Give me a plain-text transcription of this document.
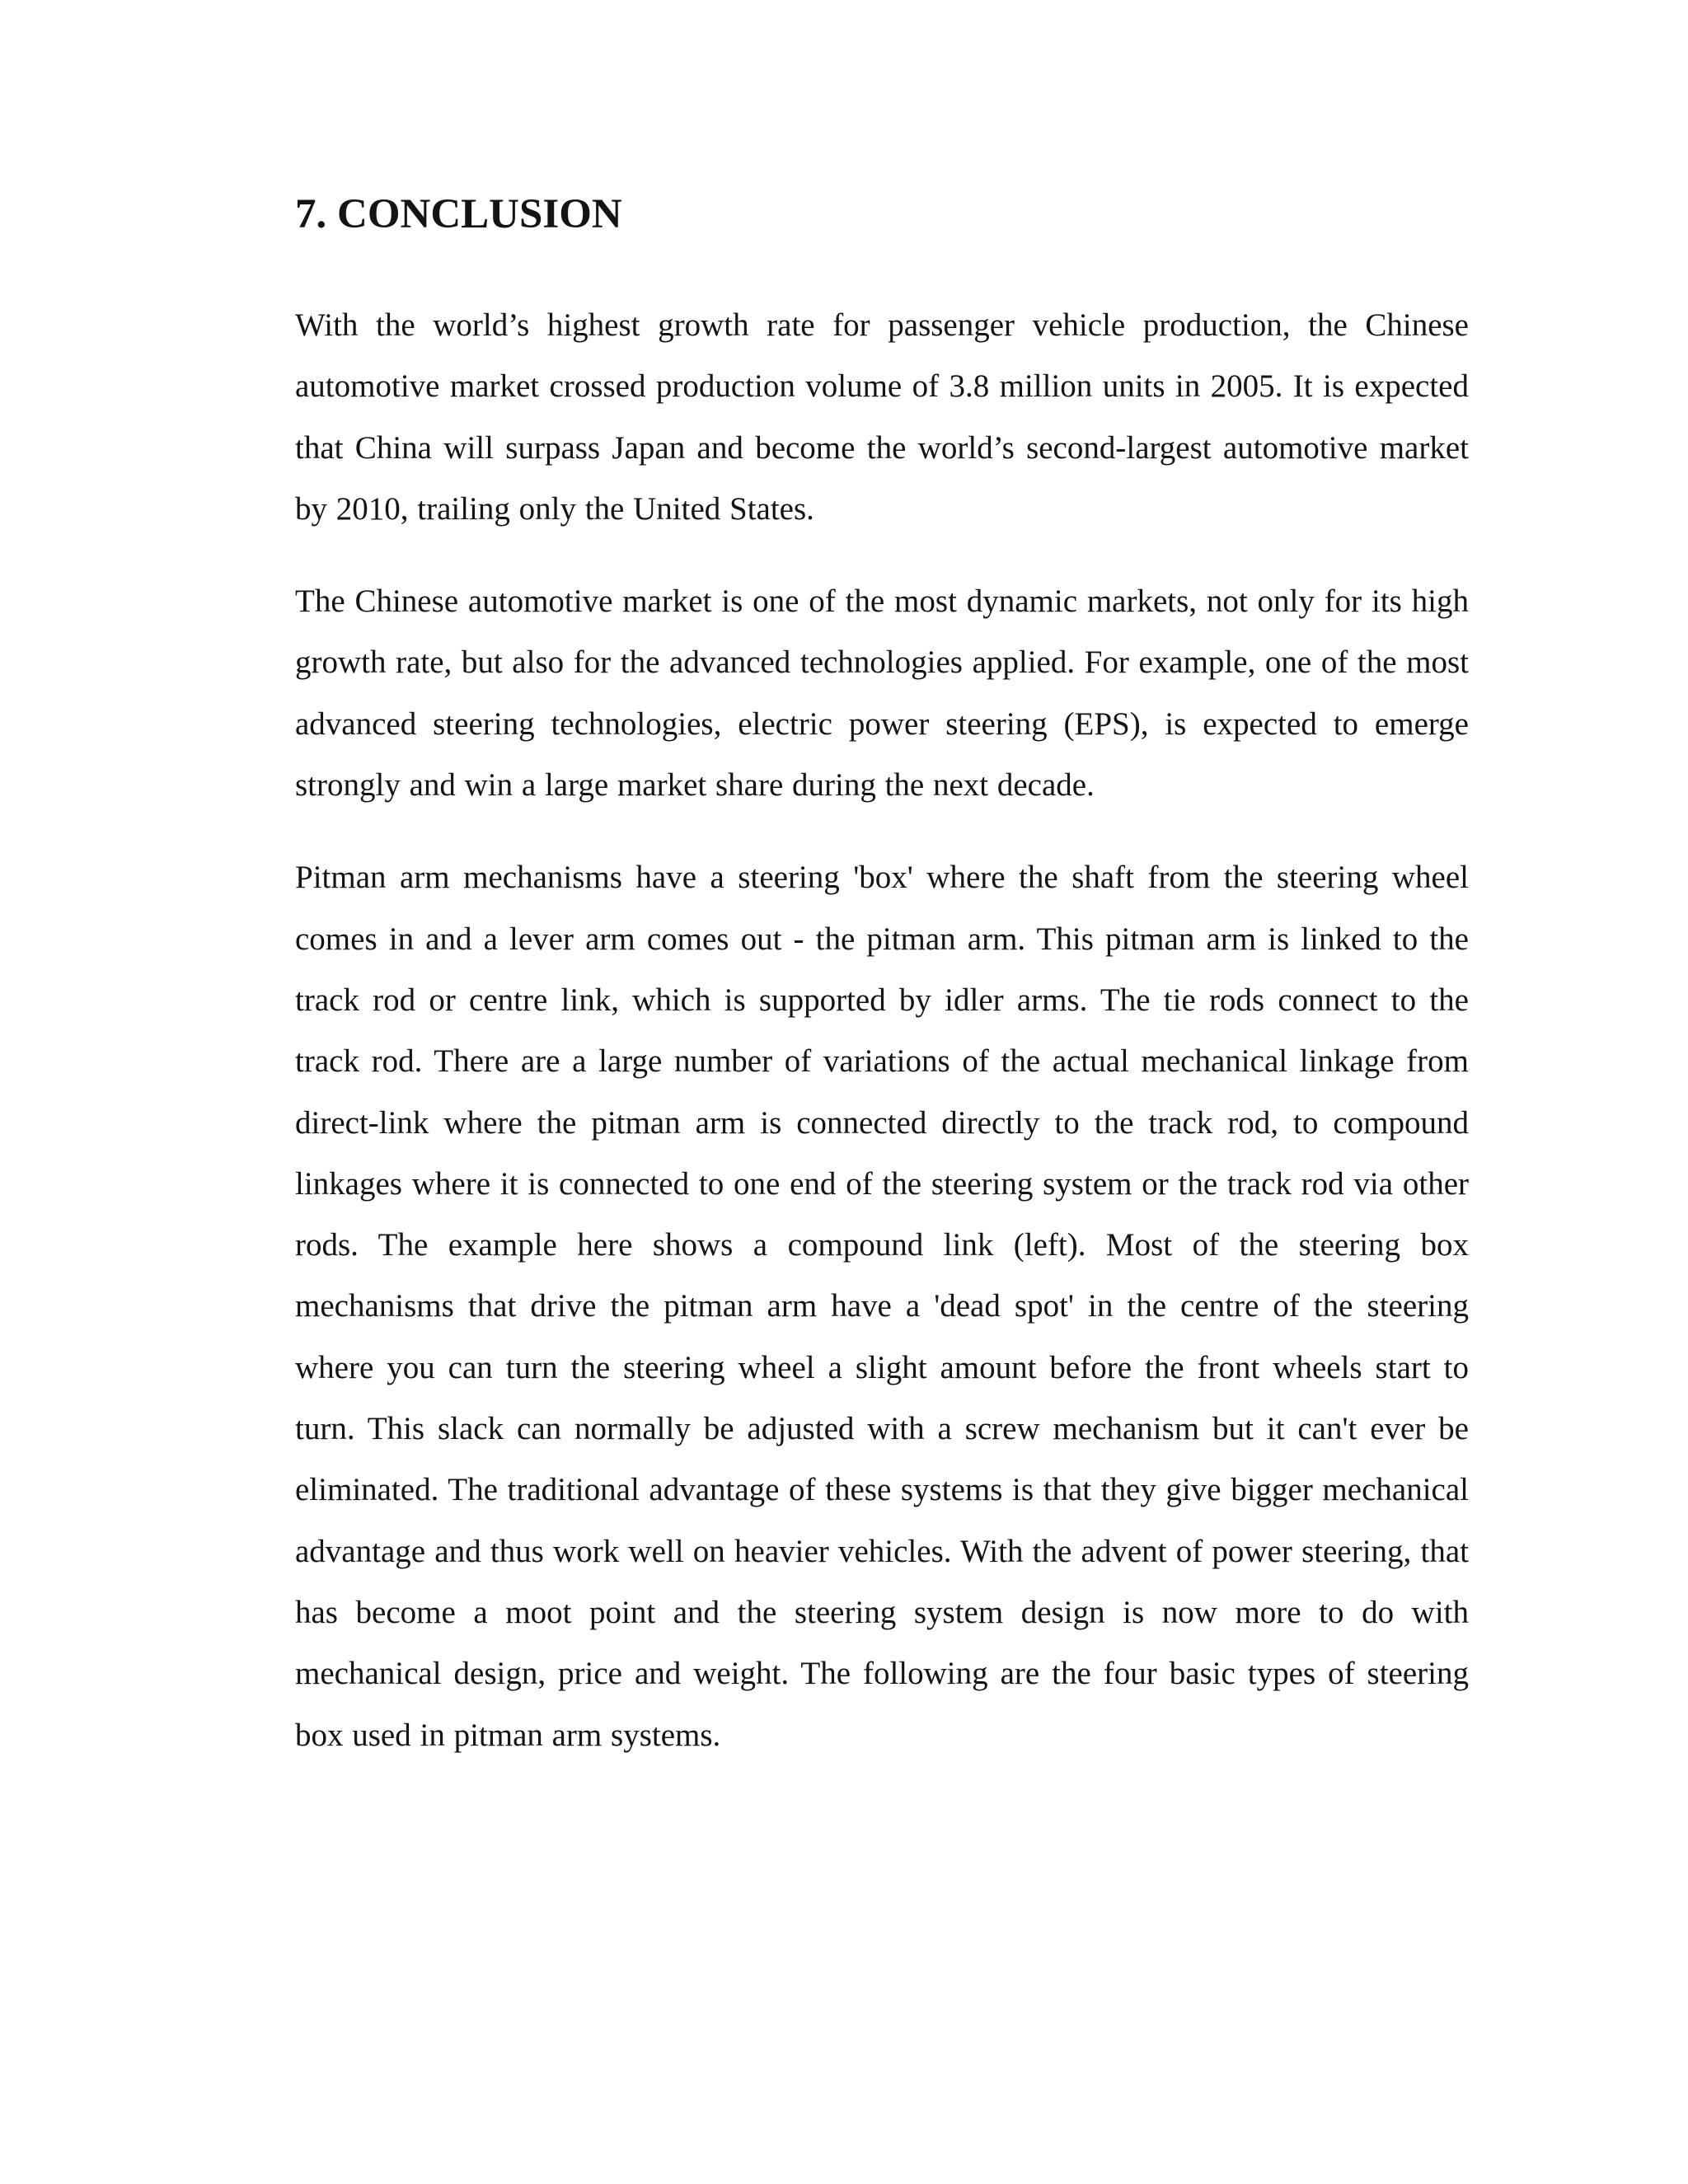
7. CONCLUSION

With the world’s highest growth rate for passenger vehicle production, the Chinese automotive market crossed production volume of 3.8 million units in 2005. It is expected that China will surpass Japan and become the world’s second-largest automotive market by 2010, trailing only the United States.

The Chinese automotive market is one of the most dynamic markets, not only for its high growth rate, but also for the advanced technologies applied. For example, one of the most advanced steering technologies, electric power steering (EPS), is expected to emerge strongly and win a large market share during the next decade.

Pitman arm mechanisms have a steering 'box' where the shaft from the steering wheel comes in and a lever arm comes out - the pitman arm. This pitman arm is linked to the track rod or centre link, which is supported by idler arms. The tie rods connect to the track rod. There are a large number of variations of the actual mechanical linkage from direct-link where the pitman arm is connected directly to the track rod, to compound linkages where it is connected to one end of the steering system or the track rod via other rods. The example here shows a compound link (left). Most of the steering box mechanisms that drive the pitman arm have a 'dead spot' in the centre of the steering where you can turn the steering wheel a slight amount before the front wheels start to turn. This slack can normally be adjusted with a screw mechanism but it can't ever be eliminated. The traditional advantage of these systems is that they give bigger mechanical advantage and thus work well on heavier vehicles. With the advent of power steering, that has become a moot point and the steering system design is now more to do with mechanical design, price and weight. The following are the four basic types of steering box used in pitman arm systems.
